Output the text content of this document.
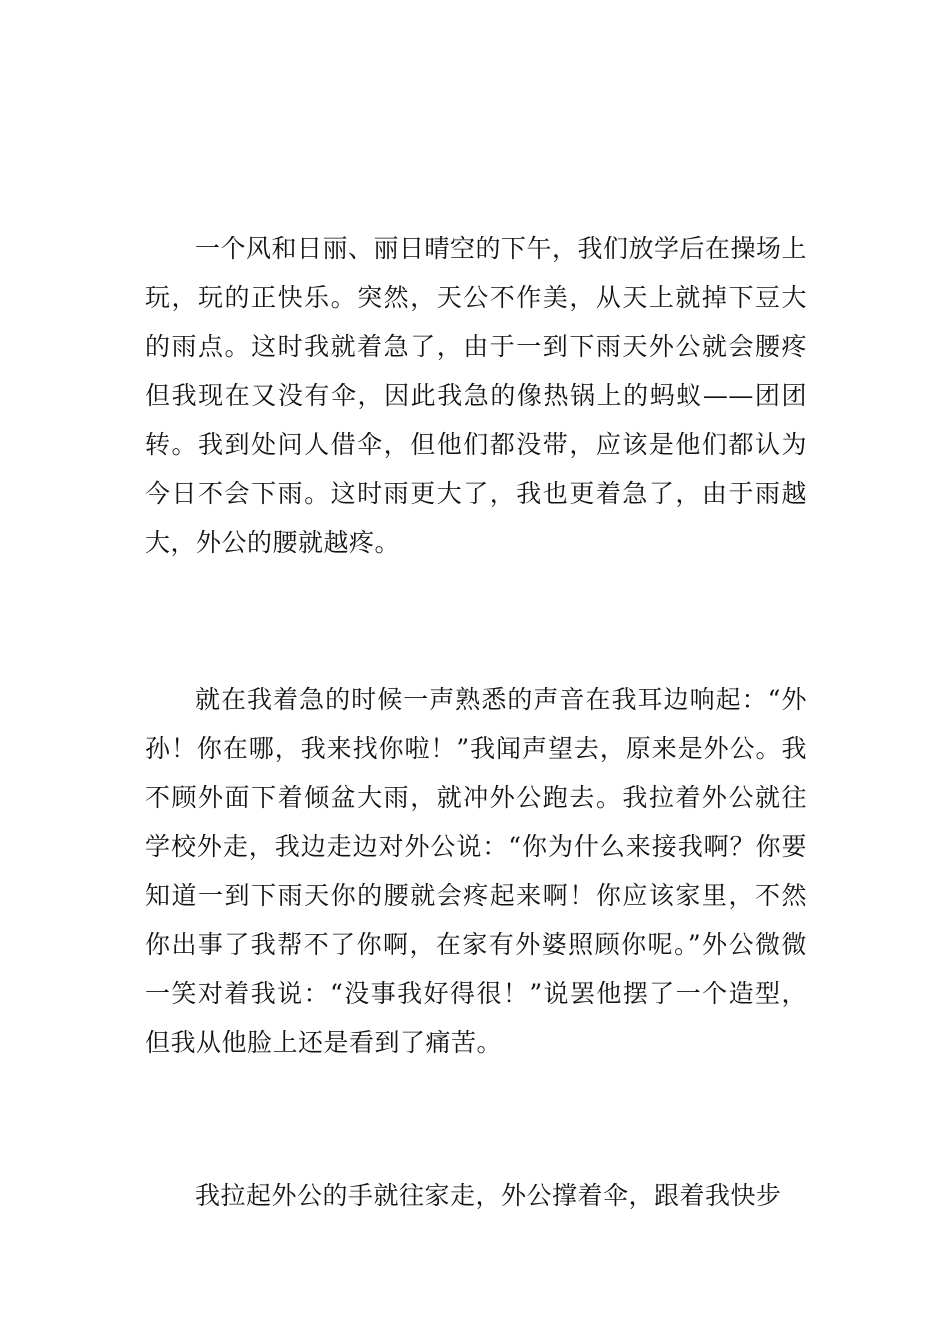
一个风和日丽、丽日晴空的下午，我们放学后在操场上玩，玩的正快乐。突然，天公不作美，从天上就掉下豆大的雨点。这时我就着急了，由于一到下雨天外公就会腰疼但我现在又没有伞，因此我急的像热锅上的蚂蚁——团团转。我到处问人借伞，但他们都没带，应该是他们都认为今日不会下雨。这时雨更大了，我也更着急了，由于雨越大，外公的腰就越疼。

就在我着急的时候一声熟悉的声音在我耳边响起：“外孙！你在哪，我来找你啦！”我闻声望去，原来是外公。我不顾外面下着倾盆大雨，就冲外公跑去。我拉着外公就往学校外走，我边走边对外公说：“你为什么来接我啊？你要知道一到下雨天你的腰就会疼起来啊！你应该家里，不然你出事了我帮不了你啊，在家有外婆照顾你呢。”外公微微一笑对着我说：“没事我好得很！”说罢他摆了一个造型，但我从他脸上还是看到了痛苦。

我拉起外公的手就往家走，外公撑着伞，跟着我快步
